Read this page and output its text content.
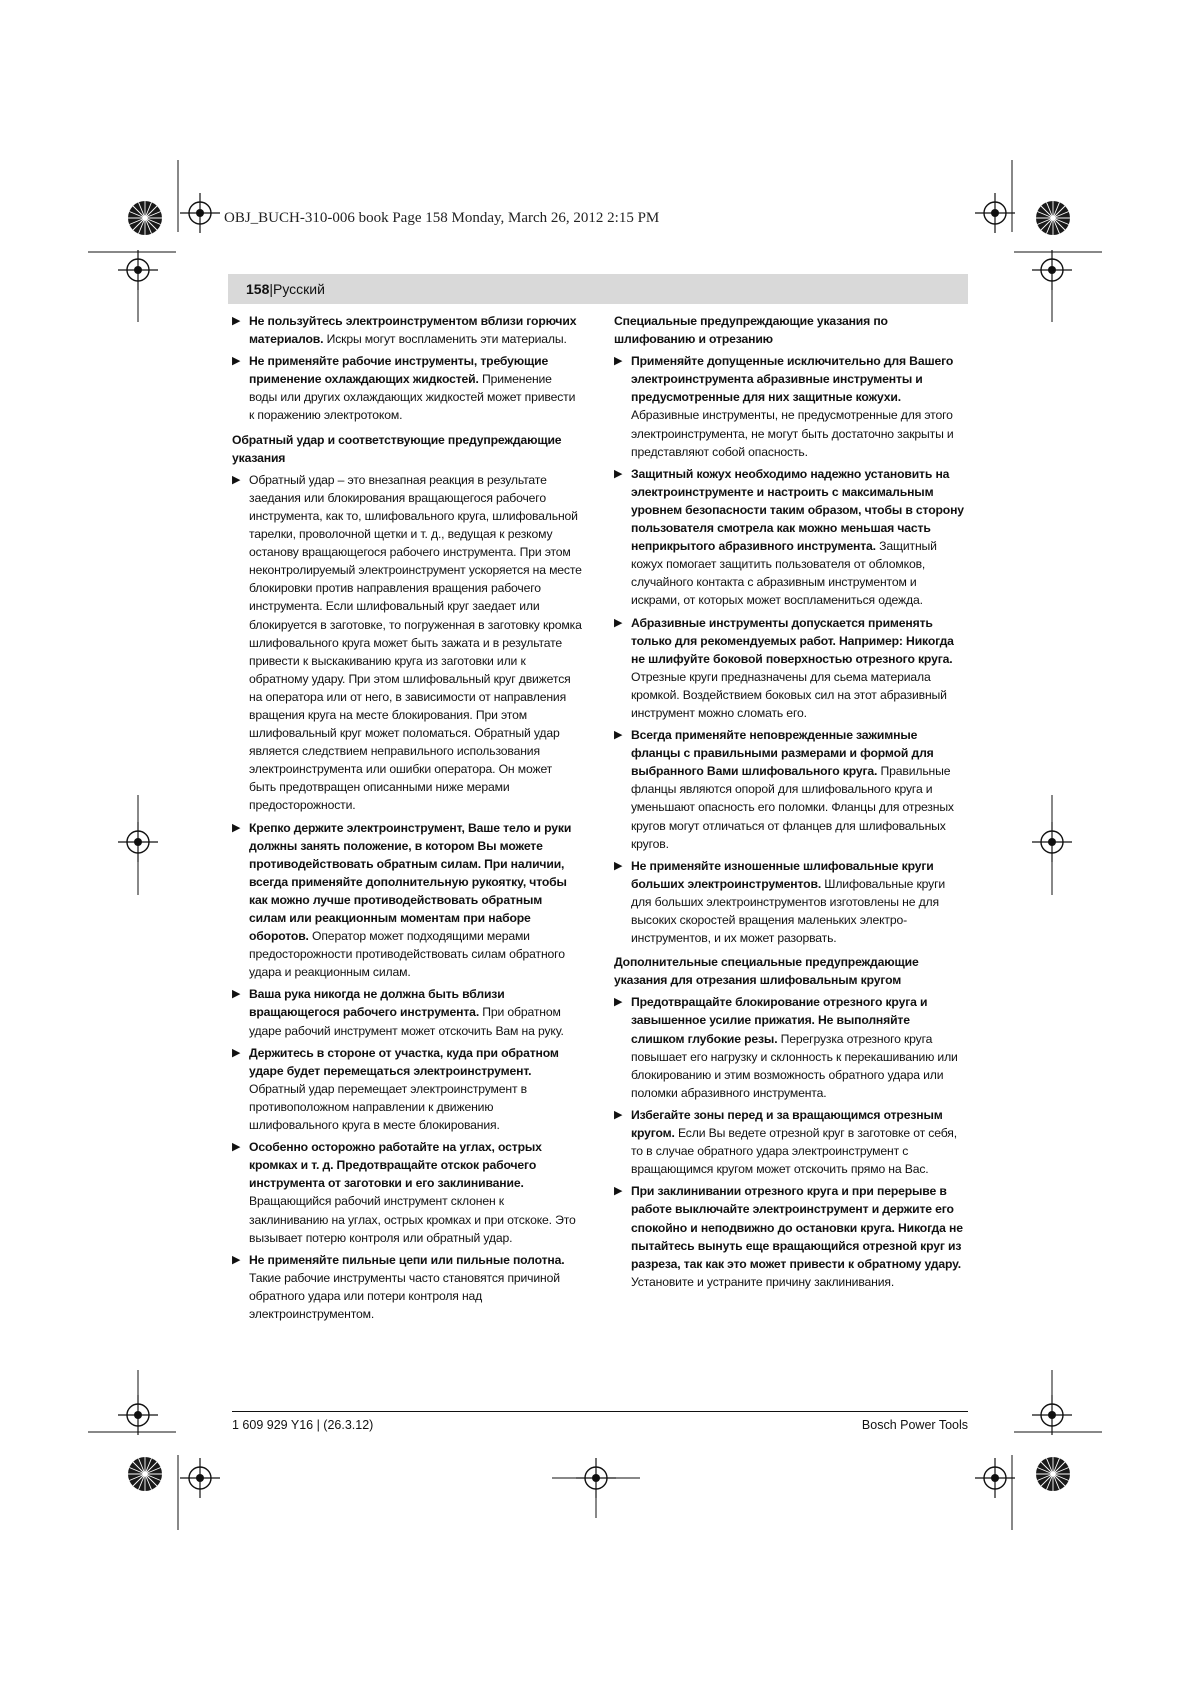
OBJ_BUCH-310-006 book Page 158 Monday, March 26, 2012 2:15 PM
158|Русский
▶ Не пользуйтесь электроинструментом вблизи горючих материалов. Искры могут воспламенить эти материалы.
▶ Не применяйте рабочие инструменты, требующие применение охлаждающих жидкостей. Применение воды или других охлаждающих жидкостей может привести к поражению электротоком.
Обратный удар и соответствующие предупреждающие указания
▶ Обратный удар – это внезапная реакция в результате заедания или блокирования вращающегося рабочего инструмента, как то, шлифовального круга, шлифовальной тарелки, проволочной щетки и т. д., ведущая к резкому останову вращающегося рабочего инструмента. При этом неконтролируемый электроинструмент ускоряется на месте блокировки против направления вращения рабочего инструмента. Если шлифовальный круг заедает или блокируется в заготовке, то погруженная в заготовку кромка шлифовального круга может быть зажата и в результате привести к выскакиванию круга из заготовки или к обратному удару. При этом шлифовальный круг движется на оператора или от него, в зависимости от направления вращения круга на месте блокирования. При этом шлифовальный круг может поломаться. Обратный удар является следствием неправильного использования электроинструмента или ошибки оператора. Он может быть предотвращен описанными ниже мерами предосторожности.
▶ Крепко держите электроинструмент, Ваше тело и руки должны занять положение, в котором Вы можете противодействовать обратным силам. При наличии, всегда применяйте дополнительную рукоятку, чтобы как можно лучше противодействовать обратным силам или реакционным моментам при наборе оборотов. Оператор может подходящими мерами предосторожности противодействовать силам обратного удара и реакционным силам.
▶ Ваша рука никогда не должна быть вблизи вращающегося рабочего инструмента. При обратном ударе рабочий инструмент может отскочить Вам на руку.
▶ Держитесь в стороне от участка, куда при обратном ударе будет перемещаться электроинструмент. Обратный удар перемещает электроинструмент в противоположном направлении к движению шлифовального круга в месте блокирования.
▶ Особенно осторожно работайте на углах, острых кромках и т. д. Предотвращайте отскок рабочего инструмента от заготовки и его заклинивание. Вращающийся рабочий инструмент склонен к заклиниванию на углах, острых кромках и при отскоке. Это вызывает потерю контроля или обратный удар.
▶ Не применяйте пильные цепи или пильные полотна. Такие рабочие инструменты часто становятся причиной обратного удара или потери контроля над электроинструментом.
Специальные предупреждающие указания по шлифованию и отрезанию
▶ Применяйте допущенные исключительно для Вашего электроинструмента абразивные инструменты и предусмотренные для них защитные кожухи. Абразивные инструменты, не предусмотренные для этого электроинструмента, не могут быть достаточно закрыты и представляют собой опасность.
▶ Защитный кожух необходимо надежно установить на электроинструменте и настроить с максимальным уровнем безопасности таким образом, чтобы в сторону пользователя смотрела как можно меньшая часть неприкрытого абразивного инструмента. Защитный кожух помогает защитить пользователя от обломков, случайного контакта с абразивным инструментом и искрами, от которых может воспламениться одежда.
▶ Абразивные инструменты допускается применять только для рекомендуемых работ. Например: Никогда не шлифуйте боковой поверхностью отрезного круга. Отрезные круги предназначены для сьема материала кромкой. Воздействием боковых сил на этот абразивный инструмент можно сломать его.
▶ Всегда применяйте неповрежденные зажимные фланцы с правильными размерами и формой для выбранного Вами шлифовального круга. Правильные фланцы являются опорой для шлифовального круга и уменьшают опасность его поломки. Фланцы для отрезных кругов могут отличаться от фланцев для шлифовальных кругов.
▶ Не применяйте изношенные шлифовальные круги больших электроинструментов. Шлифовальные круги для больших электроинструментов изготовлены не для высоких скоростей вращения маленьких электро-инструментов, и их может разорвать.
Дополнительные специальные предупреждающие указания для отрезания шлифовальным кругом
▶ Предотвращайте блокирование отрезного круга и завышенное усилие прижатия. Не выполняйте слишком глубокие резы. Перегрузка отрезного круга повышает его нагрузку и склонность к перекашиванию или блокированию и этим возможность обратного удара или поломки абразивного инструмента.
▶ Избегайте зоны перед и за вращающимся отрезным кругом. Если Вы ведете отрезной круг в заготовке от себя, то в случае обратного удара электроинструмент с вращающимся кругом может отскочить прямо на Вас.
▶ При заклинивании отрезного круга и при перерыве в работе выключайте электроинструмент и держите его спокойно и неподвижно до остановки круга. Никогда не пытайтесь вынуть еще вращающийся отрезной круг из разреза, так как это может привести к обратному удару. Установите и устраните причину заклинивания.
1 609 929 Y16 | (26.3.12)	Bosch Power Tools
